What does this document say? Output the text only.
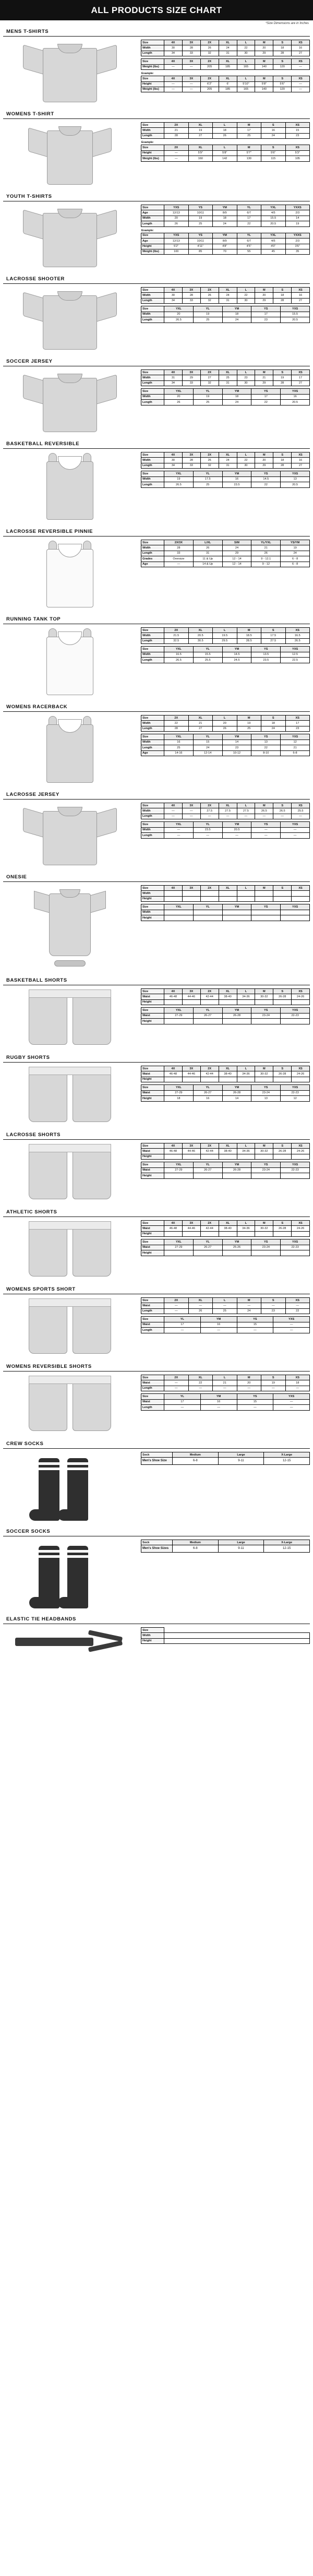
ALL PRODUCTS SIZE CHART
*Size Dimensions are in Inches
MENS T-SHIRTS
Size	4X	3X	2X	XL	L	M	S	XS
Width	30	28	26	24	22	20	18	16
Length	34	33	32	31	30	29	28	27
Size	4X	3X	2X	XL	L	M	S	XS
Weight (lbs)	—	—	205	185	165	140	120	—
Example:
Size	4X	3X	2X	XL	L	M	S	XS
Height	—	—	6'2"	6'	5'10"	5'8"	5'6"	—
Weight (lbs)	—	—	205	185	165	140	120	—
WOMENS T-SHIRT
Size	2X	XL	L	M	S	XS
Width	21	19	18	17	16	15
Length	28	27	26	25	24	23
Example:
Size	2X	XL	L	M	S	XS
Height	—	5'9"	5'8"	5'7"	5'6"	5'3"
Weight (lbs)	—	160	142	130	115	105
YOUTH T-SHIRTS
Size	YXS	YS	YM	YL	YXL	YXXS
Age	12/13	10/11	8/9	6/7	4/5	2/3
Width	20	19	18	17	15.5	14
Length	26	25	24	22	20.5	19
Example:
Size	YXS	YS	YM	YL	YXL	YXXS
Age	12/13	10/11	8/9	6/7	4/5	2/3
Height	5'2"	4'11"	4'8"	4'5"	4'0"	3'6"
Weight (lbs)	100	85	70	55	45	35
LACROSSE SHOOTER
Size	4X	3X	2X	XL	L	M	S	XS
Width	30	28	26	24	22	20	18	16
Length	34	33	32	31	30	29	28	27
Size	YXL	YL	YM	YS	YXS
Width	20	19	18	17	15.5
Length	26.5	25	24	23	20.5
SOCCER JERSEY
Size	4X	3X	2X	XL	L	M	S	XS
Width	31	29	27	25	23	21	19	17
Length	34	33	32	31	30	29	28	27
Size	YXL	YL	YM	YS	YXS
Width	20	19	18	17	16
Length	26	25	24	22	20.5
BASKETBALL REVERSIBLE
Size	4X	3X	2X	XL	L	M	S	XS
Width	30	28	26	24	22	20	18	16
Length	34	33	32	31	30	29	28	27
Size	YXL	YL	YM	YS	YXS
Width	19	17.5	16	14.5	13
Length	26.5	25	23.5	22	20.5
LACROSSE REVERSIBLE PINNIE
Size	2X/3X	L/XL	S/M	YL/YXL	YS/YM
Width	28	26	24	21	19
Length	33	31	29	26	24
Grades	Oversize	11 & Up	12 - 14	9 - 12.1	6 - 8
Age	—	14 & Up	12 - 14	9 - 12	6 - 8
RUNNING TANK TOP
Size	2X	XL	L	M	S	XS
Width	21.5	20.5	19.5	18.5	17.5	16.5
Length	32.5	30.5	29.5	28.5	27.5	26.5
Size	YXL	YL	YM	YS	YXS
Width	16.5	15.5	14.5	13.5	12.5
Length	26.5	25.5	24.5	23.5	22.5
WOMENS RACERBACK
Size	2X	XL	L	M	S	XS
Width	22	21	20	19	18	17
Length	28	27	26	25	24	23
Size	YXL	YL	YM	YS	YXS
Width	16	15	14	13	12
Length	25	24	23	22	21
Age	14-16	12-14	10-12	8-10	6-8
LACROSSE JERSEY
Size	4X	3X	2X	XL	L	M	S	XS
Width	—	—	27.5	27.5	27.5	26.5	26.5	25.5
Length	—	—	—	—	—	—	—	—
Size	YXL	YL	YM	YS	YXS
Width	—	23.5	20.5	—	—
Length	—	—	—	—	—
ONESIE
Size	4X	3X	2X	XL	L	M	S	XS
Width								
Height								
Size	YXL	YL	YM	YS	YXS
Width					
Height					
BASKETBALL SHORTS
Size	4X	3X	2X	XL	L	M	S	XS
Waist	46-48	44-46	42-44	38-40	34-36	30-32	26-28	24-26
Height								
Size	YXL	YL	YM	YS	YXS
Waist	27-29	26-27	26-28	23-24	22-23
Height					
RUGBY SHORTS
Size	4X	3X	2X	XL	L	M	S	XS
Waist	46-48	44-46	42-44	38-40	34-36	30-32	26-28	24-26
Height								
Size	YXL	YL	YM	YS	YXS
Waist	27-29	26-27	26-28	23-24	22-23
Height	18	16	14	13	12
LACROSSE SHORTS
Size	4X	3X	2X	XL	L	M	S	XS
Waist	46-48	44-46	42-44	38-40	34-36	30-32	26-28	24-26
Height								
Size	YXL	YL	YM	YS	YXS
Waist	27-29	26-27	26-28	23-24	22-23
Height					
ATHLETIC SHORTS
Size	4X	3X	2X	XL	L	M	S	XS
Waist	46-48	44-46	42-44	38-40	34-36	30-32	26-28	24-26
Height								
Size	YXL	YL	YM	YS	YXS
Waist	27-29	26-27	25-26	23-24	22-23
Height					
WOMENS SPORTS SHORT
Size	2X	XL	L	M	S	XS
Waist	—	—	—	—	—	—
Length	—	26	25	24	23	22
Size	YL	YM	YS	YXS
Waist	17	16	15	—
Length	—	—	—	—
WOMENS REVERSIBLE SHORTS
Size	2X	XL	L	M	S	XS
Waist	—	22	21	20	19	18
Length	—	—	—	—	—	—
Size	YL	YM	YS	YXS
Waist	17	16	15	—
Length	—	—	—	—
CREW SOCKS
Sock	Medium	Large	X-Large
Men's Shoe Size	6-8	9-11	12-15
SOCCER SOCKS
Sock	Medium	Large	X-Large
Men's Shoe Sizes	6-8	9-11	12-15
ELASTIC TIE HEADBANDS
Size	
Width	
Height	
